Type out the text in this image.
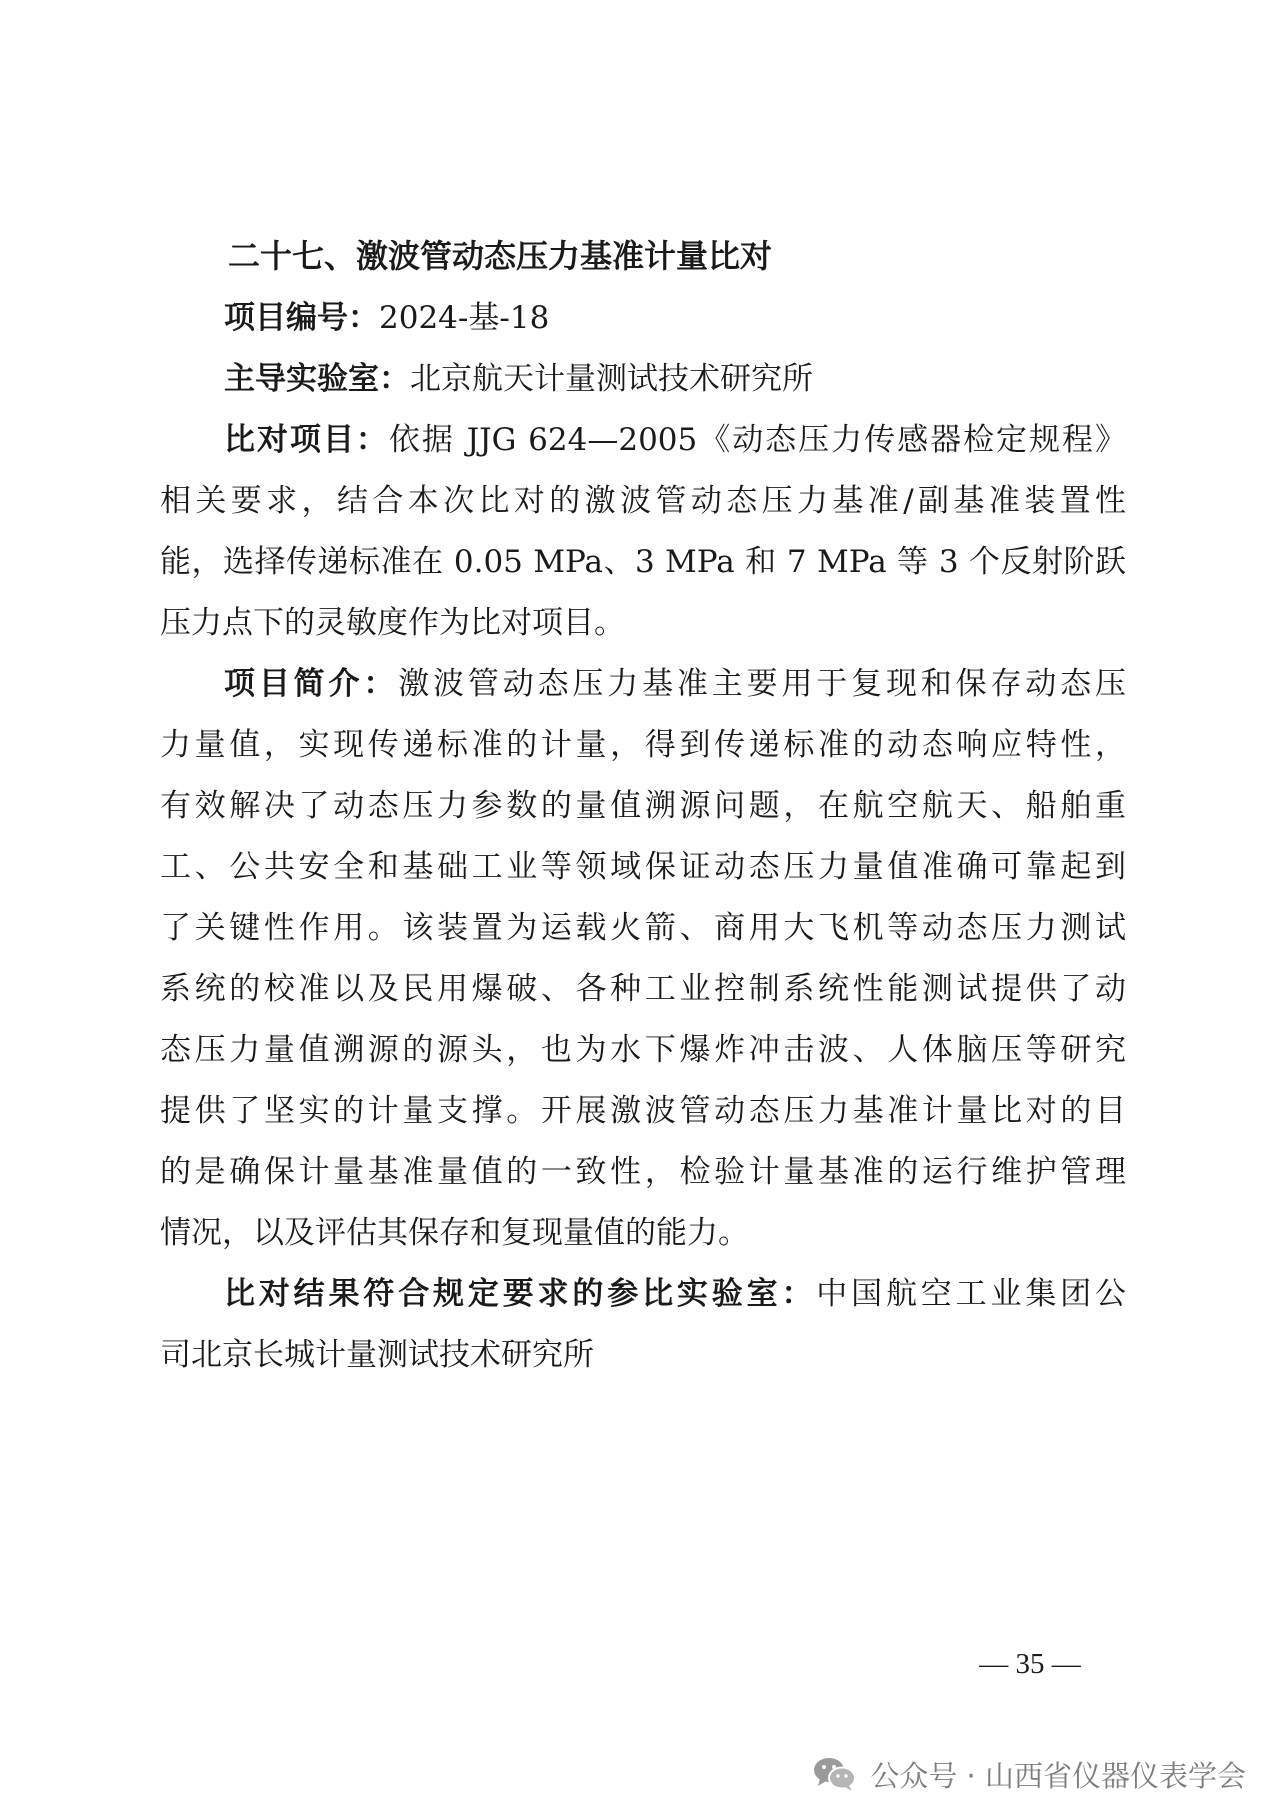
二十七、激波管动态压力基准计量比对
项目编号：2024-基-18
主导实验室：北京航天计量测试技术研究所
比对项目：依据 JJG 624—2005《动态压力传感器检定规程》
相关要求，结合本次比对的激波管动态压力基准/副基准装置性
能，选择传递标准在 0.05 MPa、3 MPa 和 7 MPa 等 3 个反射阶跃
压力点下的灵敏度作为比对项目。
项目简介：激波管动态压力基准主要用于复现和保存动态压
力量值，实现传递标准的计量，得到传递标准的动态响应特性，
有效解决了动态压力参数的量值溯源问题，在航空航天、船舶重
工、公共安全和基础工业等领域保证动态压力量值准确可靠起到
了关键性作用。该装置为运载火箭、商用大飞机等动态压力测试
系统的校准以及民用爆破、各种工业控制系统性能测试提供了动
态压力量值溯源的源头，也为水下爆炸冲击波、人体脑压等研究
提供了坚实的计量支撑。开展激波管动态压力基准计量比对的目
的是确保计量基准量值的一致性，检验计量基准的运行维护管理
情况，以及评估其保存和复现量值的能力。
比对结果符合规定要求的参比实验室：中国航空工业集团公
司北京长城计量测试技术研究所
— 35 —
公众号 · 山西省仪器仪表学会
